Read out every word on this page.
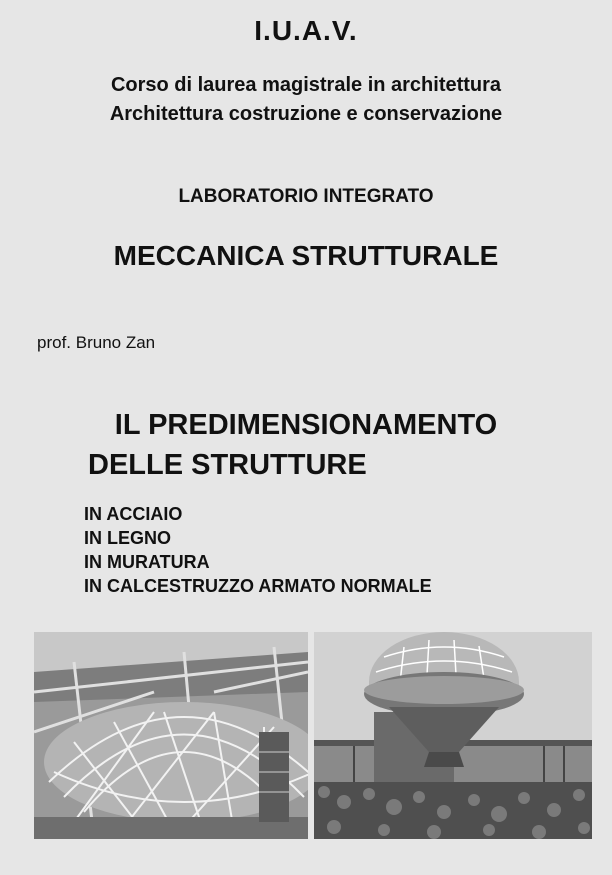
I.U.A.V.
Corso di laurea magistrale in architettura
Architettura costruzione e conservazione
LABORATORIO INTEGRATO
MECCANICA STRUTTURALE
prof. Bruno Zan
IL PREDIMENSIONAMENTO
DELLE STRUTTURE
IN ACCIAIO
IN LEGNO
IN MURATURA
IN CALCESTRUZZO ARMATO NORMALE
